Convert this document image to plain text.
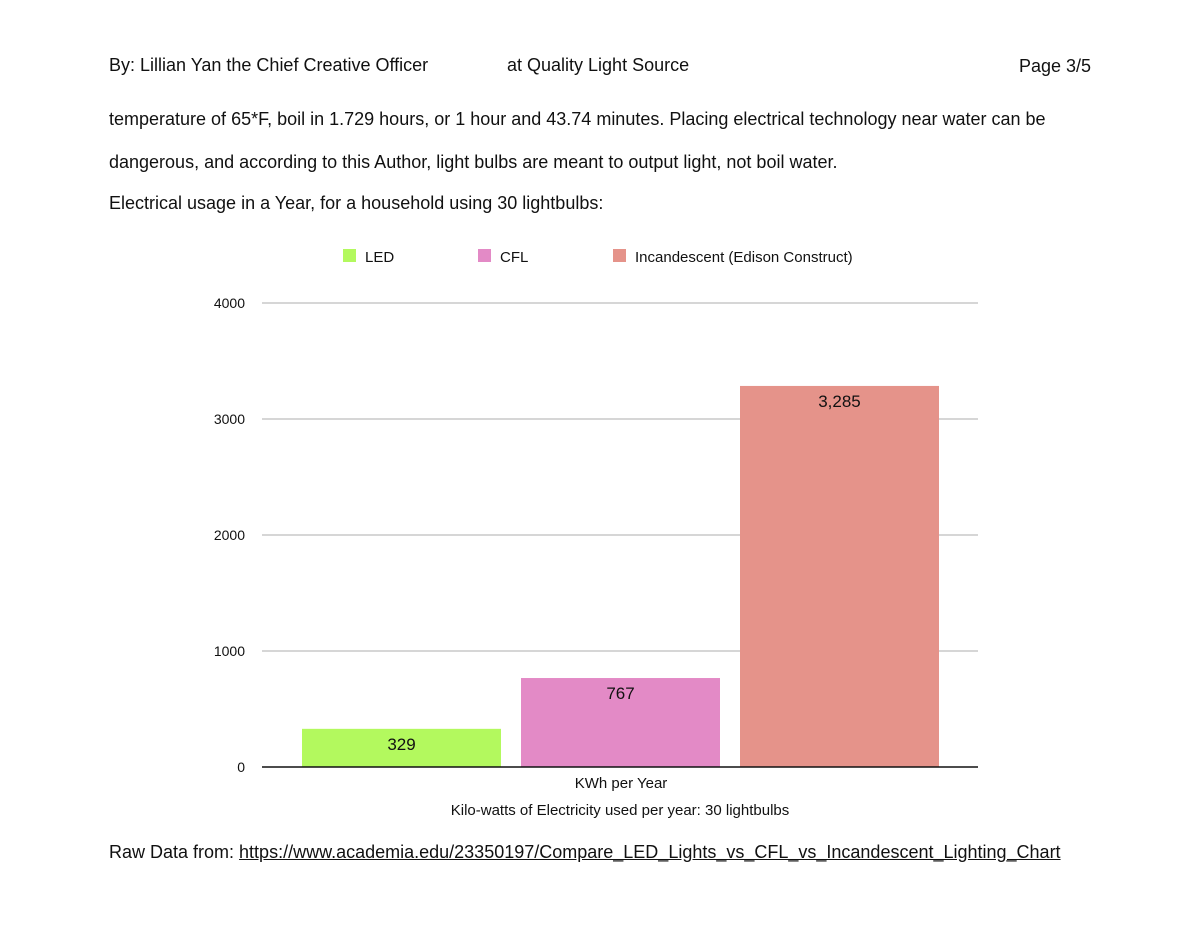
By: Lillian Yan the Chief Creative Officer	at Quality Light Source	Page 3/5
temperature of 65*F, boil in 1.729 hours, or 1 hour and 43.74 minutes. Placing electrical technology near water can be
dangerous, and according to this Author, light bulbs are meant to output light, not boil water.
Electrical usage in a Year, for a household using 30 lightbulbs:
LED	CFL	Incandescent (Edison Construct)
0
1000
2000
3000
4000
329
767
3,285
KWh per Year
Kilo-watts of Electricity used per year: 30 lightbulbs
Raw Data from: https://www.academia.edu/23350197/Compare_LED_Lights_vs_CFL_vs_Incandescent_Lighting_Chart
